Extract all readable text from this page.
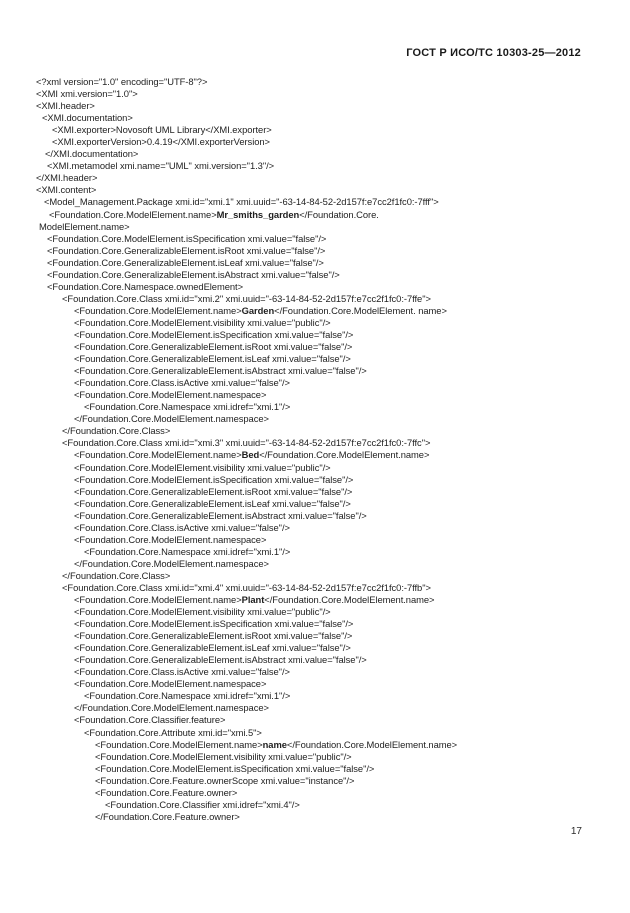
ГОСТ Р ИСО/ТС 10303-25—2012
<?xml version="1.0" encoding="UTF-8"?>
<XMI xmi.version="1.0">
<XMI.header>
<XMI.documentation>
<XMI.exporter>Novosoft UML Library</XMI.exporter>
<XMI.exporterVersion>0.4.19</XMI.exporterVersion>
</XMI.documentation>
<XMI.metamodel xmi.name="UML" xmi.version="1.3"/>
</XMI.header>
<XMI.content>
<Model_Management.Package xmi.id="xmi.1" xmi.uuid="-63-14-84-52-2d157f:e7cc2f1fc0:-7fff">
<Foundation.Core.ModelElement.name>Mr_smiths_garden</Foundation.Core.
ModelElement.name>
<Foundation.Core.ModelElement.isSpecification xmi.value="false"/>
<Foundation.Core.GeneralizableElement.isRoot xmi.value="false"/>
<Foundation.Core.GeneralizableElement.isLeaf xmi.value="false"/>
<Foundation.Core.GeneralizableElement.isAbstract xmi.value="false"/>
<Foundation.Core.Namespace.ownedElement>
<Foundation.Core.Class xmi.id="xmi.2" xmi.uuid="-63-14-84-52-2d157f:e7cc2f1fc0:-7ffe">
<Foundation.Core.ModelElement.name>Garden</Foundation.Core.ModelElement. name>
<Foundation.Core.ModelElement.visibility xmi.value="public"/>
<Foundation.Core.ModelElement.isSpecification xmi.value="false"/>
<Foundation.Core.GeneralizableElement.isRoot xmi.value="false"/>
<Foundation.Core.GeneralizableElement.isLeaf xmi.value="false"/>
<Foundation.Core.GeneralizableElement.isAbstract xmi.value="false"/>
<Foundation.Core.Class.isActive xmi.value="false"/>
<Foundation.Core.ModelElement.namespace>
<Foundation.Core.Namespace xmi.idref="xmi.1"/>
</Foundation.Core.ModelElement.namespace>
</Foundation.Core.Class>
<Foundation.Core.Class xmi.id="xmi.3" xmi.uuid="-63-14-84-52-2d157f:e7cc2f1fc0:-7ffc">
<Foundation.Core.ModelElement.name>Bed</Foundation.Core.ModelElement.name>
<Foundation.Core.ModelElement.visibility xmi.value="public"/>
<Foundation.Core.ModelElement.isSpecification xmi.value="false"/>
<Foundation.Core.GeneralizableElement.isRoot xmi.value="false"/>
<Foundation.Core.GeneralizableElement.isLeaf xmi.value="false"/>
<Foundation.Core.GeneralizableElement.isAbstract xmi.value="false"/>
<Foundation.Core.Class.isActive xmi.value="false"/>
<Foundation.Core.ModelElement.namespace>
<Foundation.Core.Namespace xmi.idref="xmi.1"/>
</Foundation.Core.ModelElement.namespace>
</Foundation.Core.Class>
<Foundation.Core.Class xmi.id="xmi.4" xmi.uuid="-63-14-84-52-2d157f:e7cc2f1fc0:-7ffb">
<Foundation.Core.ModelElement.name>Plant</Foundation.Core.ModelElement.name>
<Foundation.Core.ModelElement.visibility xmi.value="public"/>
<Foundation.Core.ModelElement.isSpecification xmi.value="false"/>
<Foundation.Core.GeneralizableElement.isRoot xmi.value="false"/>
<Foundation.Core.GeneralizableElement.isLeaf xmi.value="false"/>
<Foundation.Core.GeneralizableElement.isAbstract xmi.value="false"/>
<Foundation.Core.Class.isActive xmi.value="false"/>
<Foundation.Core.ModelElement.namespace>
<Foundation.Core.Namespace xmi.idref="xmi.1"/>
</Foundation.Core.ModelElement.namespace>
<Foundation.Core.Classifier.feature>
<Foundation.Core.Attribute xmi.id="xmi.5">
<Foundation.Core.ModelElement.name>name</Foundation.Core.ModelElement.name>
<Foundation.Core.ModelElement.visibility xmi.value="public"/>
<Foundation.Core.ModelElement.isSpecification xmi.value="false"/>
<Foundation.Core.Feature.ownerScope xmi.value="instance"/>
<Foundation.Core.Feature.owner>
<Foundation.Core.Classifier xmi.idref="xmi.4"/>
</Foundation.Core.Feature.owner>
17
